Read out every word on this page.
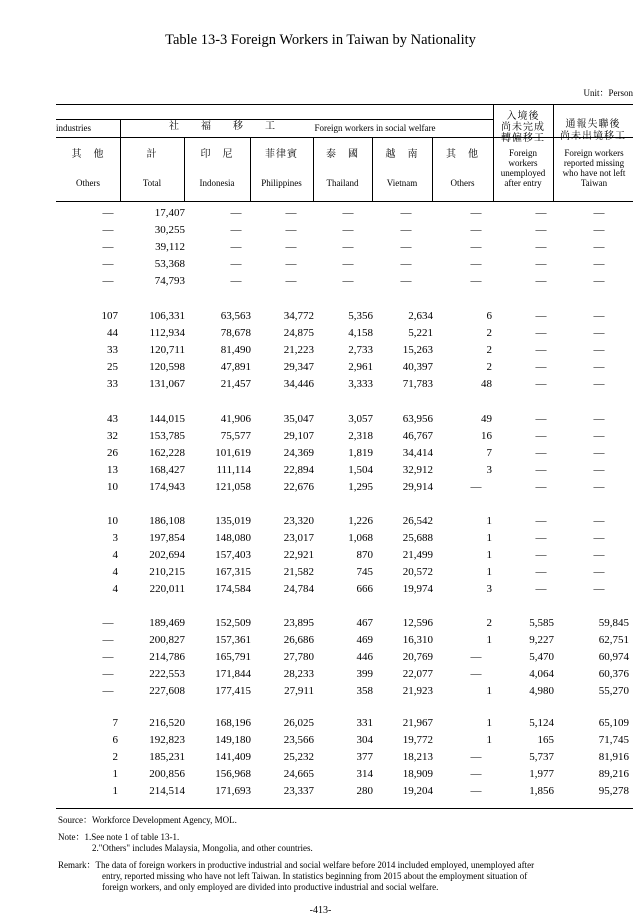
Table 13-3 Foreign Workers in Taiwan by Nationality
Unit：Person
industries	社　福　移　工	Foreign workers in social welfare
入境後
尚未完成
轉僱移工
Foreign workers unemployed after entry
通報失聯後
尚未出境移工
Foreign workers reported missing who have not left Taiwan
其　他
Others
計
Total
印　尼
Indonesia
菲律賓
Philippines
泰　國
Thailand
越　南
Vietnam
其　他
Others
—	17,407	—	—	—	—	—	—	—
—	30,255	—	—	—	—	—	—	—
—	39,112	—	—	—	—	—	—	—
—	53,368	—	—	—	—	—	—	—
—	74,793	—	—	—	—	—	—	—
107	106,331	63,563	34,772	5,356	2,634	6	—	—
44	112,934	78,678	24,875	4,158	5,221	2	—	—
33	120,711	81,490	21,223	2,733	15,263	2	—	—
25	120,598	47,891	29,347	2,961	40,397	2	—	—
33	131,067	21,457	34,446	3,333	71,783	48	—	—
43	144,015	41,906	35,047	3,057	63,956	49	—	—
32	153,785	75,577	29,107	2,318	46,767	16	—	—
26	162,228	101,619	24,369	1,819	34,414	7	—	—
13	168,427	111,114	22,894	1,504	32,912	3	—	—
10	174,943	121,058	22,676	1,295	29,914	—	—	—
10	186,108	135,019	23,320	1,226	26,542	1	—	—
3	197,854	148,080	23,017	1,068	25,688	1	—	—
4	202,694	157,403	22,921	870	21,499	1	—	—
4	210,215	167,315	21,582	745	20,572	1	—	—
4	220,011	174,584	24,784	666	19,974	3	—	—
—	189,469	152,509	23,895	467	12,596	2	5,585	59,845
—	200,827	157,361	26,686	469	16,310	1	9,227	62,751
—	214,786	165,791	27,780	446	20,769	—	5,470	60,974
—	222,553	171,844	28,233	399	22,077	—	4,064	60,376
—	227,608	177,415	27,911	358	21,923	1	4,980	55,270
7	216,520	168,196	26,025	331	21,967	1	5,124	65,109
6	192,823	149,180	23,566	304	19,772	1	165	71,745
2	185,231	141,409	25,232	377	18,213	—	5,737	81,916
1	200,856	156,968	24,665	314	18,909	—	1,977	89,216
1	214,514	171,693	23,337	280	19,204	—	1,856	95,278
Source：Workforce Development Agency, MOL.
Note：1.See note 1 of table 13-1.
2."Others" includes Malaysia, Mongolia, and other countries.
Remark：The data of foreign workers in productive industrial and social welfare before 2014 included employed, unemployed after
entry, reported missing who have not left Taiwan. In statistics beginning from 2015 about the employment situation of
foreign workers, and only employed are divided into productive industrial and social welfare.
-413-
